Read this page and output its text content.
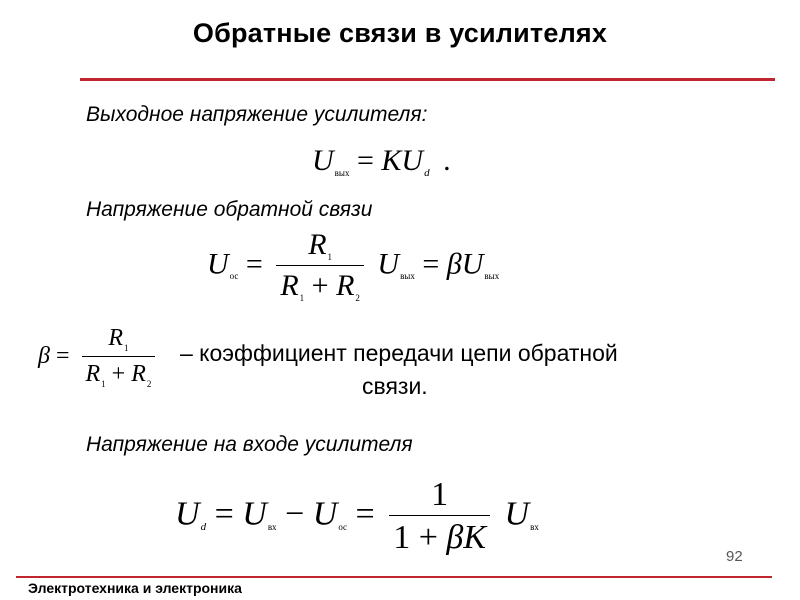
Обратные связи в усилителях
Выходное напряжение усилителя:
$U_{вых} = KU_d$ .
Напряжение обратной связи
$U_{ос} = \frac{R_1}{R_1 + R_2} U_{вых} = \beta U_{вых}$
$\beta = \frac{R_1}{R_1 + R_2}$ – коэффициент передачи цепи обратной
связи.
Напряжение на входе усилителя
$Ud = U_{вх} - U_{ос} = \frac{1}{1 + \beta K} U_{вх}$
92
Электротехника и электроника
